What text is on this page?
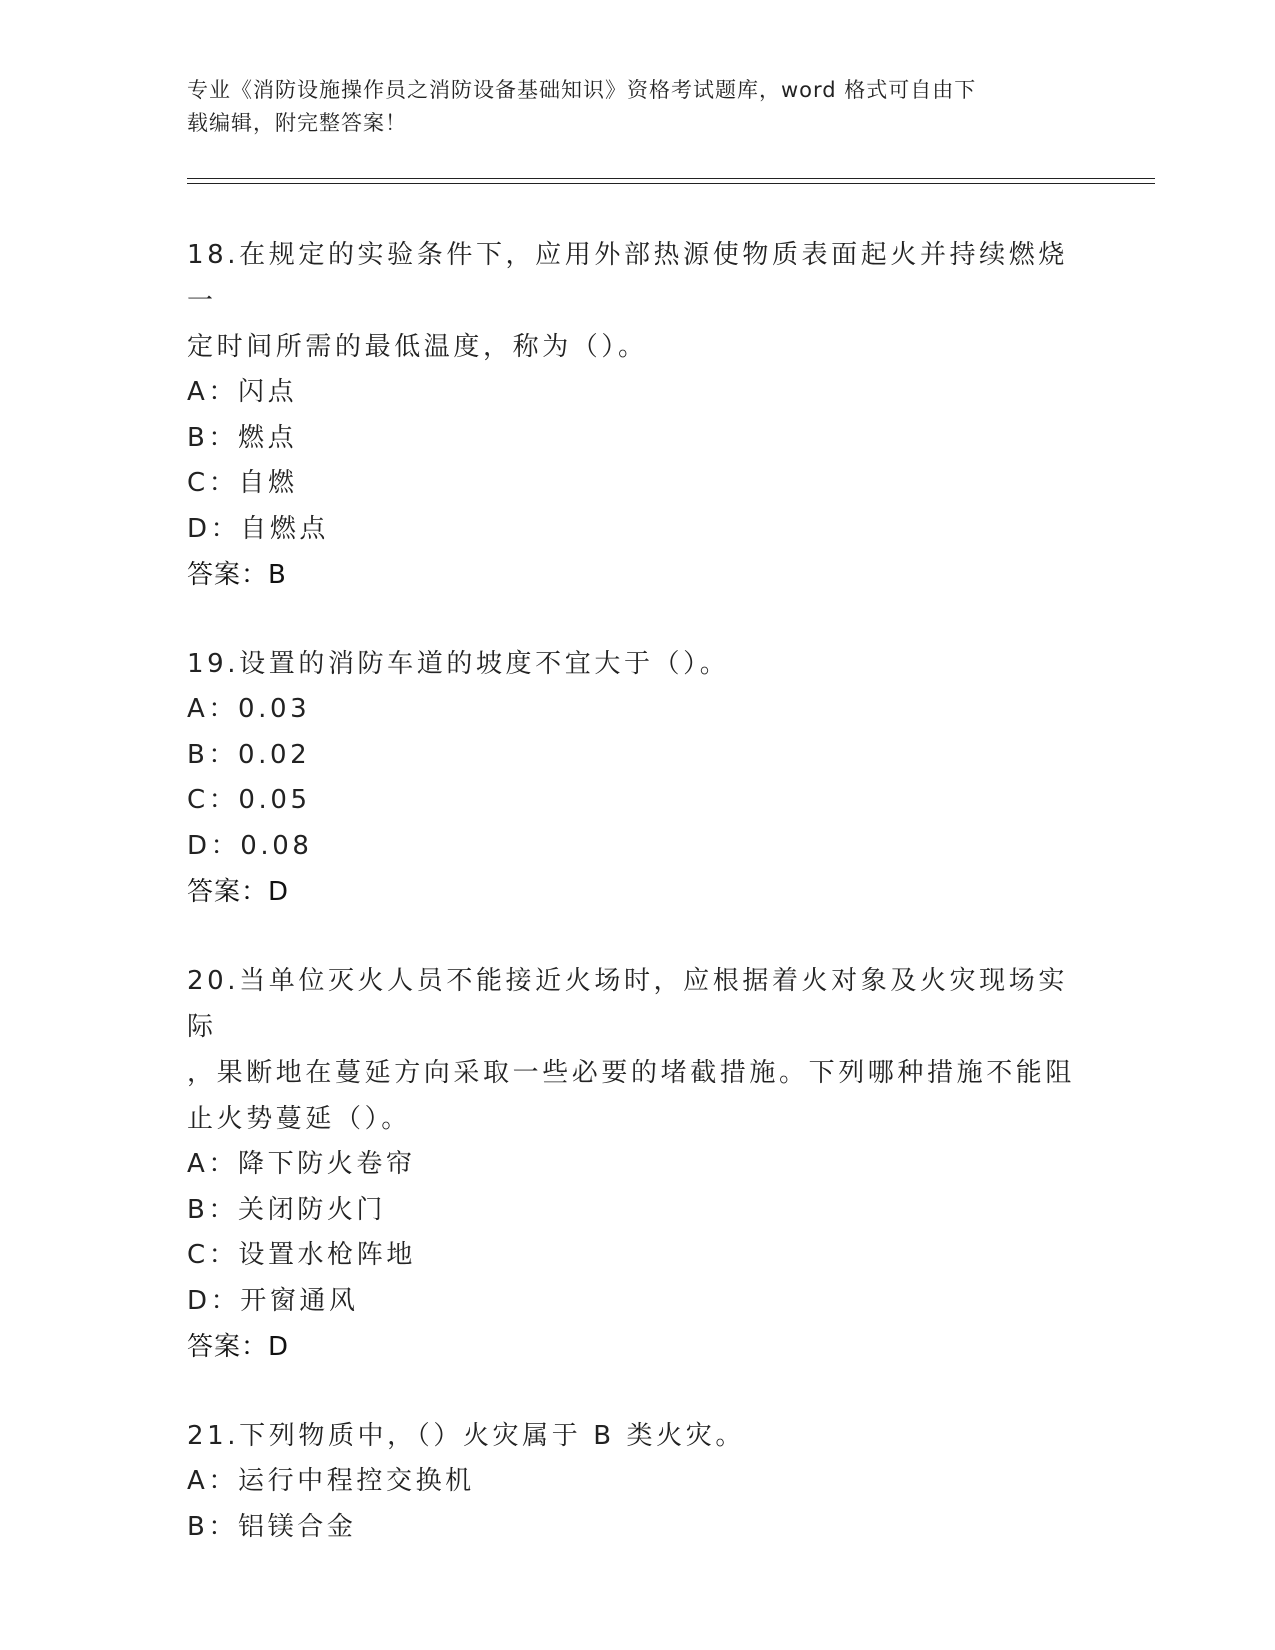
专业《消防设施操作员之消防设备基础知识》资格考试题库，word 格式可自由下
载编辑，附完整答案！
18.在规定的实验条件下，应用外部热源使物质表面起火并持续燃烧一
定时间所需的最低温度，称为（）。
A：闪点
B：燃点
C：自燃
D：自燃点
答案：B
19.设置的消防车道的坡度不宜大于（）。
A：0.03
B：0.02
C：0.05
D：0.08
答案：D
20.当单位灭火人员不能接近火场时，应根据着火对象及火灾现场实际
，果断地在蔓延方向采取一些必要的堵截措施。下列哪种措施不能阻
止火势蔓延（）。
A：降下防火卷帘
B：关闭防火门
C：设置水枪阵地
D：开窗通风
答案：D
21.下列物质中，（）火灾属于 B 类火灾。
A：运行中程控交换机
B：铝镁合金
